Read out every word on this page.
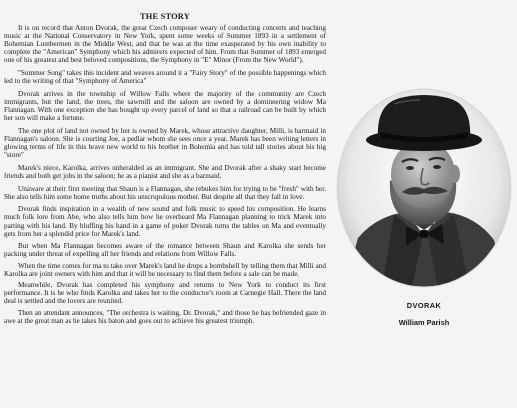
THE STORY

It is on record that Anton Dvorak, the great Czech composer weary of conducting concerts and teaching music at the National Conservatory in New York, spent some weeks of Summer 1893 in a settlement of Bohemian Lumbermen in the Middle West, and that he was at the time exasperated by his own inability to complete the "American" Symphony which his admirers expected of him. From that Summer of 1893 emerged one of his greatest and best beloved compositions, the Symphony in "E" Minor (From the New World").

"Summer Song" takes this incident and weaves around it a "Fairy Story" of the possible happenings which led to the writing of that "Symphony of America"

Dvorak arrives in the township of Willow Falls where the majority of the community are Czech immigrants, but the land, the trees, the sawmill and the saloon are owned by a domineering widow Ma Flannagan. With one exception she has bought up every parcel of land so that a railroad can be built by which her son will make a fortune.

The one plot of land not owned by her is owned by Marek, whose attractive daughter, Milli, is barmaid in Flannagan's saloon. She is courting Joe, a pedlar whom she sees once a year. Marek has been writing letters in glowing terms of life in this brave new world to his brother in Bohemia and has told tall stories about his big "store"

Marek's niece, Karolka, arrives unheralded as an immigrant. She and Dvorak after a shaky start become friends and both get jobs in the saloon; he as a pianist and she as a barmaid.

Unaware at their first meeting that Shaun is a Flannagan, she rebukes him for trying to be "fresh" with her. She also tells him some home truths about his unscrupulous mother. But despite all that they fall in love.

Dvorak finds inspiration in a wealth of new sound and folk music to speed his composition. He learns much folk lore from Abe, who also tells him how he overheard Ma Flannagan planning to trick Marek into parting with his land. By bluffing his hand in a game of poker Dvorak turns the tables on Ma and eventually gets from her a splendid price for Marek's land.

But when Ma Flannagan becomes aware of the romance between Shaun and Karolka she sends her packing under threat of expelling all her friends and relations from Willow Falls.

When the time comes for ma to take over Marek's land he drops a bombshell by telling them that Milli and Karolka are joint owners with him and that it will be necessary to find them before a sale can be made.

Meanwhile, Dvorak has completed his symphony and returns to New York to conduct its first performance. It is he who finds Karolka and takes her to the conductor's room at Carnegie Hall. There the land deal is settled and the lovers are reunited.

Then an attendant announces, "The orchestra is waiting, Dr. Dvorak," and those he has befriended gaze in awe at the great man as he takes his baton and goes out to achieve his greatest triumph.

DVORAK
William Parish
